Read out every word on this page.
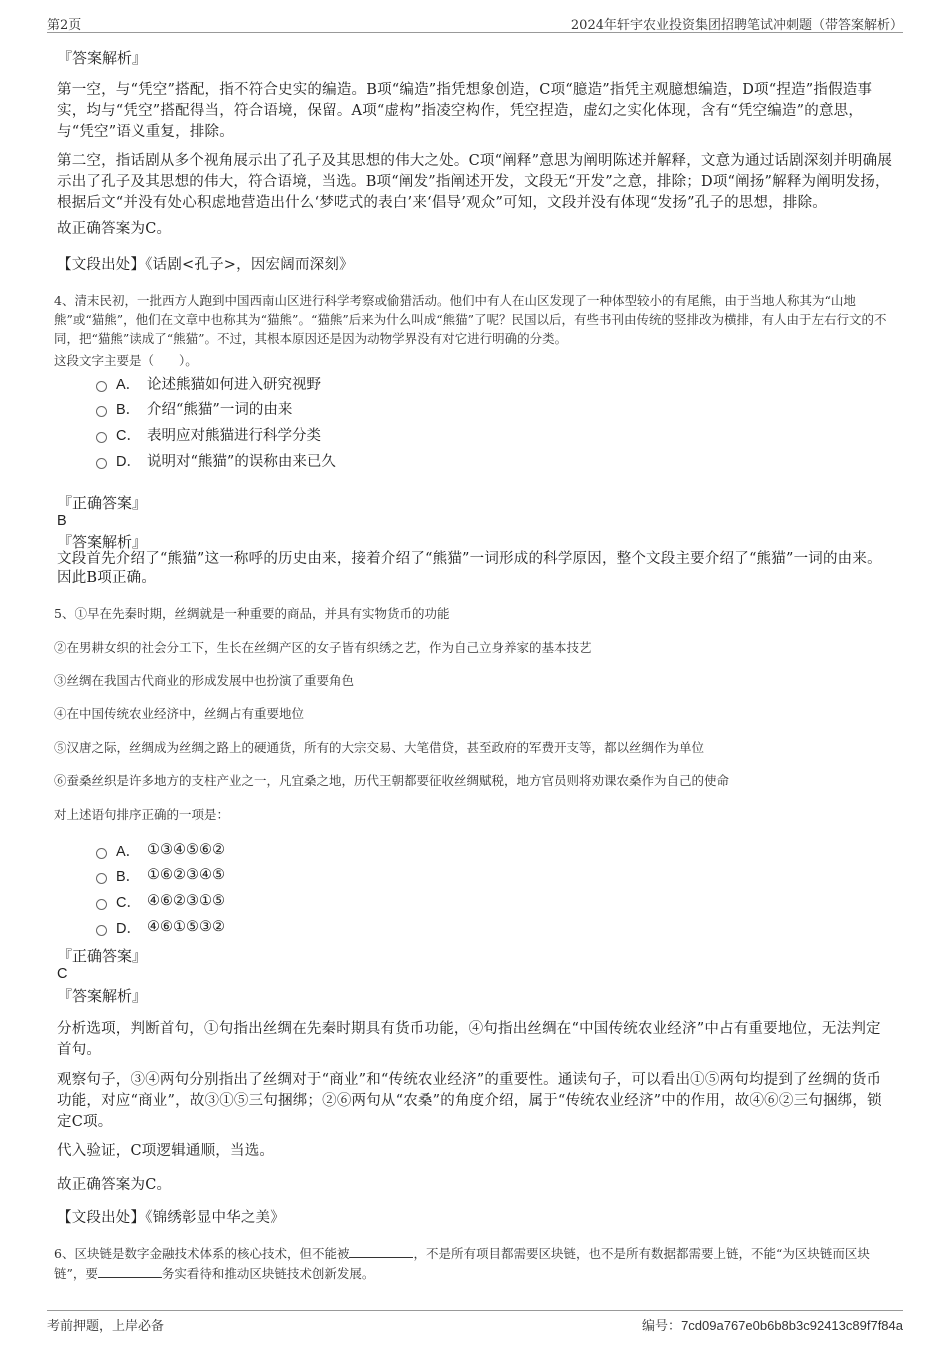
第2页	2024年轩宇农业投资集团招聘笔试冲刺题（带答案解析）
『答案解析』
第一空，与“凭空”搭配，指不符合史实的编造。B项“编造”指凭想象创造，C项“臆造”指凭主观臆想编造，D项“捏造”指假造事实，均与“凭空”搭配得当，符合语境，保留。A项“虚构”指凌空构作，凭空捏造，虚幻之实化体现，含有“凭空编造”的意思，与“凭空”语义重复，排除。
第二空，指话剧从多个视角展示出了孔子及其思想的伟大之处。C项“阐释”意思为阐明陈述并解释，文意为通过话剧深刻并明确展示出了孔子及其思想的伟大，符合语境，当选。B项“阐发”指阐述开发，文段无“开发”之意，排除；D项“阐扬”解释为阐明发扬，根据后文“并没有处心积虑地营造出什么‘梦呓式的表白’来‘倡导’观众”可知，文段并没有体现“发扬”孔子的思想，排除。
故正确答案为C。
【文段出处】《话剧<孔子>，因宏阔而深刻》
4、清末民初，一批西方人跑到中国西南山区进行科学考察或偷猎活动。他们中有人在山区发现了一种体型较小的有尾熊，由于当地人称其为“山地熊”或“猫熊”，他们在文章中也称其为“猫熊”。“猫熊”后来为什么叫成“熊猫”了呢？民国以后，有些书刊由传统的竖排改为横排，有人由于左右行文的不同，把“猫熊”读成了“熊猫”。不过，其根本原因还是因为动物学界没有对它进行明确的分类。
这段文字主要是（　　）。
A． 论述熊猫如何进入研究视野
B． 介绍“熊猫”一词的由来
C． 表明应对熊猫进行科学分类
D． 说明对“熊猫”的误称由来已久
『正确答案』
B
『答案解析』
文段首先介绍了“熊猫”这一称呼的历史由来，接着介绍了“熊猫”一词形成的科学原因，整个文段主要介绍了“熊猫”一词的由来。因此B项正确。
5、①早在先秦时期，丝绸就是一种重要的商品，并具有实物货币的功能
②在男耕女织的社会分工下，生长在丝绸产区的女子皆有织绣之艺，作为自己立身养家的基本技艺
③丝绸在我国古代商业的形成发展中也扮演了重要角色
④在中国传统农业经济中，丝绸占有重要地位
⑤汉唐之际，丝绸成为丝绸之路上的硬通货，所有的大宗交易、大笔借贷，甚至政府的军费开支等，都以丝绸作为单位
⑥蚕桑丝织是许多地方的支柱产业之一，凡宜桑之地，历代王朝都要征收丝绸赋税，地方官员则将劝课农桑作为自己的使命
对上述语句排序正确的一项是：
A． ①③④⑤⑥②
B． ①⑥②③④⑤
C． ④⑥②③①⑤
D． ④⑥①⑤③②
『正确答案』
C
『答案解析』
分析选项，判断首句，①句指出丝绸在先秦时期具有货币功能，④句指出丝绸在“中国传统农业经济”中占有重要地位，无法判定首句。
观察句子，③④两句分别指出了丝绸对于“商业”和“传统农业经济”的重要性。通读句子，可以看出①⑤两句均提到了丝绸的货币功能，对应“商业”，故③①⑤三句捆绑；②⑥两句从“农桑”的角度介绍，属于“传统农业经济”中的作用，故④⑥②三句捆绑，锁定C项。
代入验证，C项逻辑通顺，当选。
故正确答案为C。
【文段出处】《锦绣彰显中华之美》
6、区块链是数字金融技术体系的核心技术，但不能被	，不是所有项目都需要区块链，也不是所有数据都需要上链，不能“为区块链而区块链”，要	务实看待和推动区块链技术创新发展。
考前押题，上岸必备	编号：7cd09a767e0b6b8b3c92413c89f7f84a
